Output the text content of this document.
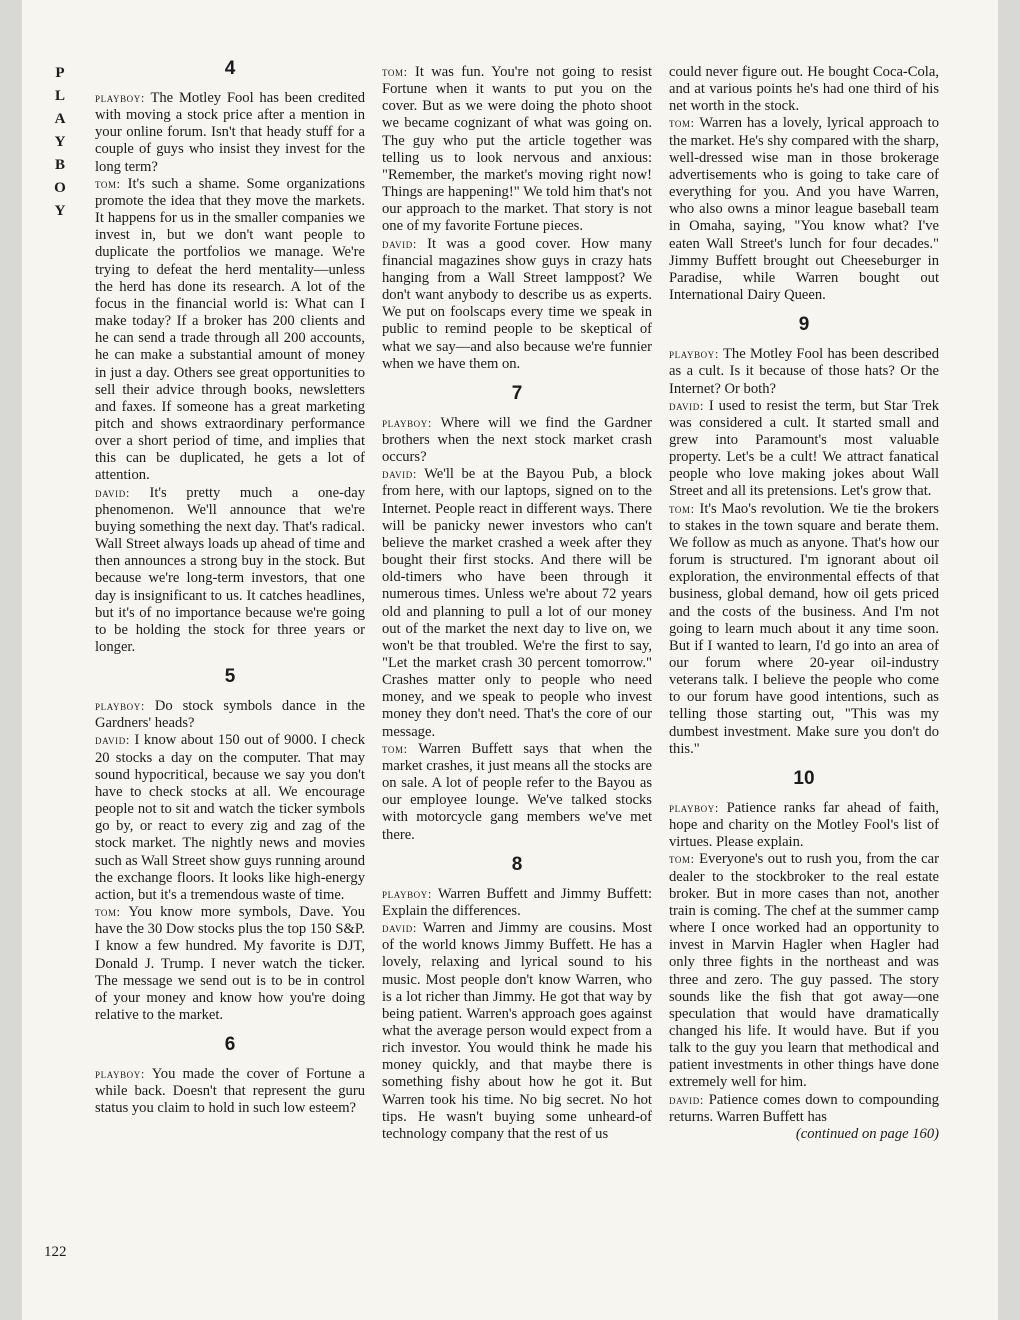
P
L
A
Y
B
O
Y
4

playboy: The Motley Fool has been credited with moving a stock price after a mention in your online forum. Isn't that heady stuff for a couple of guys who insist they invest for the long term?

tom: It's such a shame. Some organizations promote the idea that they move the markets. It happens for us in the smaller companies we invest in, but we don't want people to duplicate the portfolios we manage. We're trying to defeat the herd mentality—unless the herd has done its research. A lot of the focus in the financial world is: What can I make today? If a broker has 200 clients and he can send a trade through all 200 accounts, he can make a substantial amount of money in just a day. Others see great opportunities to sell their advice through books, newsletters and faxes. If someone has a great marketing pitch and shows extraordinary performance over a short period of time, and implies that this can be duplicated, he gets a lot of attention.

david: It's pretty much a one-day phenomenon. We'll announce that we're buying something the next day. That's radical. Wall Street always loads up ahead of time and then announces a strong buy in the stock. But because we're long-term investors, that one day is insignificant to us. It catches headlines, but it's of no importance because we're going to be holding the stock for three years or longer.

5

playboy: Do stock symbols dance in the Gardners' heads?

david: I know about 150 out of 9000. I check 20 stocks a day on the computer. That may sound hypocritical, because we say you don't have to check stocks at all. We encourage people not to sit and watch the ticker symbols go by, or react to every zig and zag of the stock market. The nightly news and movies such as Wall Street show guys running around the exchange floors. It looks like high-energy action, but it's a tremendous waste of time.

tom: You know more symbols, Dave. You have the 30 Dow stocks plus the top 150 S&P. I know a few hundred. My favorite is DJT, Donald J. Trump. I never watch the ticker. The message we send out is to be in control of your money and know how you're doing relative to the market.

6

playboy: You made the cover of Fortune a while back. Doesn't that represent the guru status you claim to hold in such low esteem?

tom: It was fun. You're not going to resist Fortune when it wants to put you on the cover. But as we were doing the photo shoot we became cognizant of what was going on. The guy who put the article together was telling us to look nervous and anxious: "Remember, the market's moving right now! Things are happening!" We told him that's not our approach to the market. That story is not one of my favorite Fortune pieces.

david: It was a good cover. How many financial magazines show guys in crazy hats hanging from a Wall Street lamppost? We don't want anybody to describe us as experts. We put on foolscaps every time we speak in public to remind people to be skeptical of what we say—and also because we're funnier when we have them on.

7

playboy: Where will we find the Gardner brothers when the next stock market crash occurs?

david: We'll be at the Bayou Pub, a block from here, with our laptops, signed on to the Internet. People react in different ways. There will be panicky newer investors who can't believe the market crashed a week after they bought their first stocks. And there will be old-timers who have been through it numerous times. Unless we're about 72 years old and planning to pull a lot of our money out of the market the next day to live on, we won't be that troubled. We're the first to say, "Let the market crash 30 percent tomorrow." Crashes matter only to people who need money, and we speak to people who invest money they don't need. That's the core of our message.

tom: Warren Buffett says that when the market crashes, it just means all the stocks are on sale. A lot of people refer to the Bayou as our employee lounge. We've talked stocks with motorcycle gang members we've met there.

8

playboy: Warren Buffett and Jimmy Buffett: Explain the differences.

david: Warren and Jimmy are cousins. Most of the world knows Jimmy Buffett. He has a lovely, relaxing and lyrical sound to his music. Most people don't know Warren, who is a lot richer than Jimmy. He got that way by being patient. Warren's approach goes against what the average person would expect from a rich investor. You would think he made his money quickly, and that maybe there is something fishy about how he got it. But Warren took his time. No big secret. No hot tips. He wasn't buying some unheard-of technology company that the rest of us

could never figure out. He bought Coca-Cola, and at various points he's had one third of his net worth in the stock.

tom: Warren has a lovely, lyrical approach to the market. He's shy compared with the sharp, well-dressed wise man in those brokerage advertisements who is going to take care of everything for you. And you have Warren, who also owns a minor league baseball team in Omaha, saying, "You know what? I've eaten Wall Street's lunch for four decades." Jimmy Buffett brought out Cheeseburger in Paradise, while Warren bought out International Dairy Queen.

9

playboy: The Motley Fool has been described as a cult. Is it because of those hats? Or the Internet? Or both?

david: I used to resist the term, but Star Trek was considered a cult. It started small and grew into Paramount's most valuable property. Let's be a cult! We attract fanatical people who love making jokes about Wall Street and all its pretensions. Let's grow that.

tom: It's Mao's revolution. We tie the brokers to stakes in the town square and berate them. We follow as much as anyone. That's how our forum is structured. I'm ignorant about oil exploration, the environmental effects of that business, global demand, how oil gets priced and the costs of the business. And I'm not going to learn much about it any time soon. But if I wanted to learn, I'd go into an area of our forum where 20-year oil-industry veterans talk. I believe the people who come to our forum have good intentions, such as telling those starting out, "This was my dumbest investment. Make sure you don't do this."

10

playboy: Patience ranks far ahead of faith, hope and charity on the Motley Fool's list of virtues. Please explain.

tom: Everyone's out to rush you, from the car dealer to the stockbroker to the real estate broker. But in more cases than not, another train is coming. The chef at the summer camp where I once worked had an opportunity to invest in Marvin Hagler when Hagler had only three fights in the northeast and was three and zero. The guy passed. The story sounds like the fish that got away—one speculation that would have dramatically changed his life. It would have. But if you talk to the guy you learn that methodical and patient investments in other things have done extremely well for him.

david: Patience comes down to compounding returns. Warren Buffett has

(continued on page 160)

122
